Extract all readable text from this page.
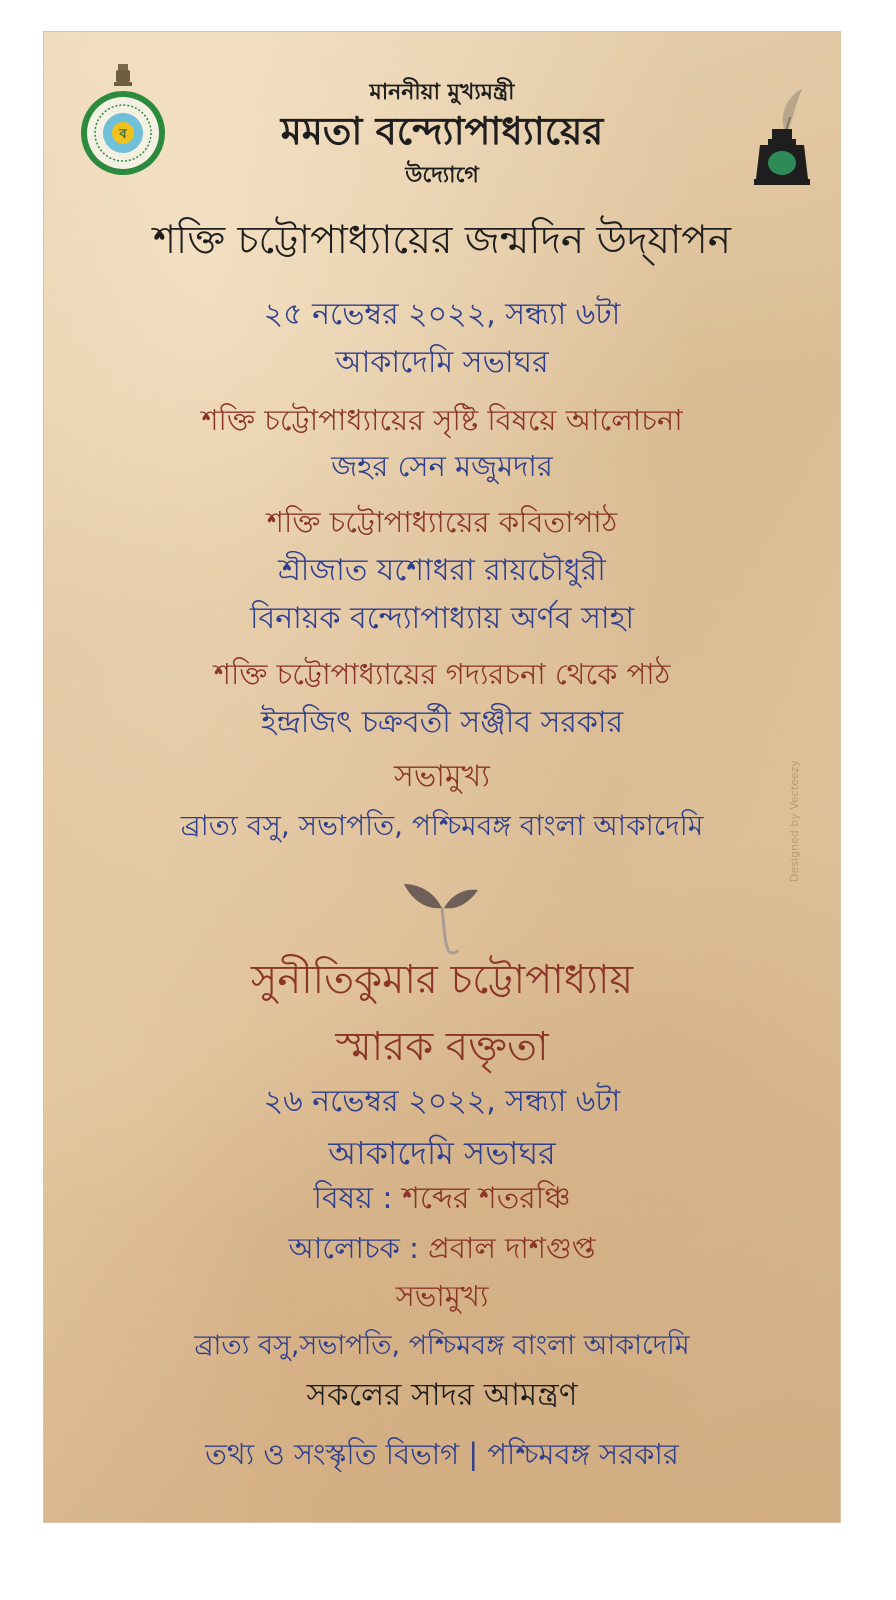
ব
মাননীয়া মুখ্যমন্ত্রী
মমতা বন্দ্যোপাধ্যায়ের
উদ্যোগে
শক্তি চট্টোপাধ্যায়ের জন্মদিন উদ্‌যাপন
২৫ নভেম্বর ২০২২, সন্ধ্যা ৬টা
আকাদেমি সভাঘর
শক্তি চট্টোপাধ্যায়ের সৃষ্টি বিষয়ে আলোচনা
জহর সেন মজুমদার
শক্তি চট্টোপাধ্যায়ের কবিতাপাঠ
শ্রীজাত যশোধরা রায়চৌধুরী
বিনায়ক বন্দ্যোপাধ্যায় অর্ণব সাহা
শক্তি চট্টোপাধ্যায়ের গদ্যরচনা থেকে পাঠ
ইন্দ্রজিৎ চক্রবর্তী সঞ্জীব সরকার
সভামুখ্য
ব্রাত্য বসু, সভাপতি, পশ্চিমবঙ্গ বাংলা আকাদেমি
সুনীতিকুমার চট্টোপাধ্যায়
স্মারক বক্তৃতা
২৬ নভেম্বর ২০২২, সন্ধ্যা ৬টা
আকাদেমি সভাঘর
বিষয় : শব্দের শতরঞ্চি
আলোচক : প্রবাল দাশগুপ্ত
সভামুখ্য
ব্রাত্য বসু,সভাপতি, পশ্চিমবঙ্গ বাংলা আকাদেমি
সকলের সাদর আমন্ত্রণ
তথ্য ও সংস্কৃতি বিভাগ | পশ্চিমবঙ্গ সরকার
Designed by Vecteezy
